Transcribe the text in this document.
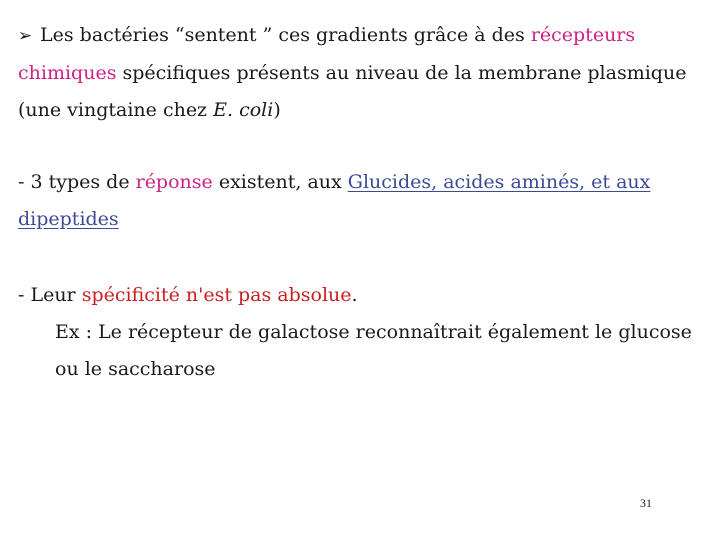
➢ Les bactéries “sentent ” ces gradients grâce à des récepteurs chimiques spécifiques présents au niveau de la membrane plasmique (une vingtaine chez E. coli)

- 3 types de réponse existent, aux Glucides, acides aminés, et aux dipeptides

- Leur spécificité n'est pas absolue.

Ex : Le récepteur de galactose reconnaîtrait également le glucose ou le saccharose

31
